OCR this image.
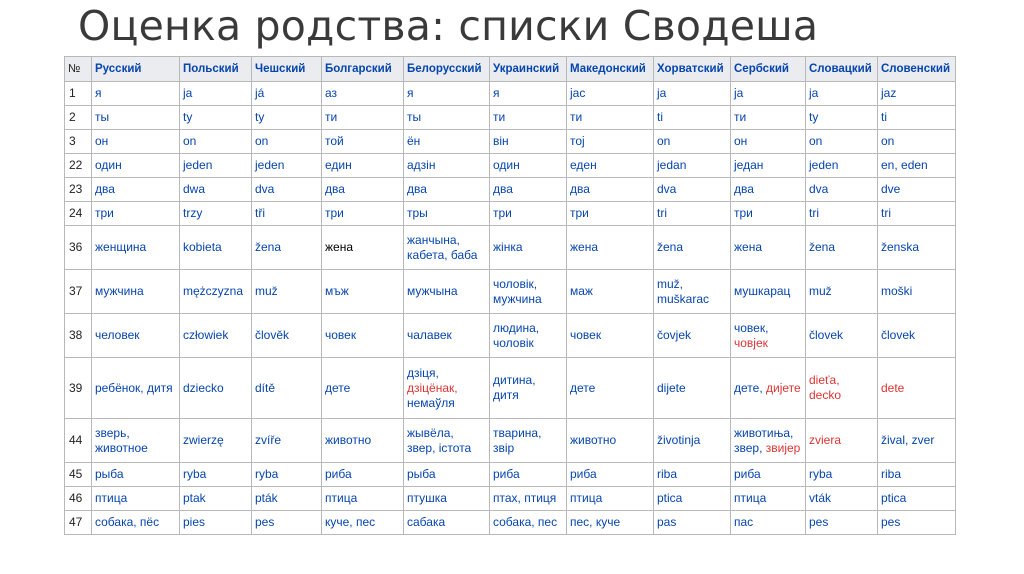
Оценка родства: списки Сводеша
№	Русский	Польский	Чешский	Болгарский	Белорусский	Украинский	Македонский	Хорватский	Сербский	Словацкий	Словенский
1	я	ja	já	аз	я	я	јас	ja	ја	ja	jaz

2	ты	ty	ty	ти	ты	ти	ти	ti	ти	ty	ti

3	он	on	on	той	ён	він	тој	on	он	on	on

22	один	jeden	jeden	един	адзін	один	еден	jedan	један	jeden	en, eden

23	два	dwa	dva	два	два	два	два	dva	два	dva	dve

24	три	trzy	tři	три	тры	три	три	tri	три	tri	tri

36	женщина	kobieta	žena	жена	жанчына,
кабета, баба	жінка	жена	žena	жена	žena	ženska

37	мужчина	mężczyzna	muž	мъж	мужчына	чоловік,
мужчина	маж	muž,
muškarac	мушкарац	muž	moški

38	человек	człowiek	člověk	човек	чалавек	людина,
чоловік	човек	čovjek	човек,
човјек	človek	človek

39	ребёнок, дитя	dziecko	dítě	дете	дзіця,
дзіцёнак,
немаўля	дитина,
дитя	дете	dijete	дете, дијете	dieťa,
decko	dete

44	зверь,
животное	zwierzę	zvíře	животно	жывёла,
звер, істота	тварина,
звір	животно	životinja	животиња,
звер, звијер	zviera	žival, zver

45	рыба	ryba	ryba	риба	рыба	риба	риба	riba	риба	ryba	riba

46	птица	ptak	pták	птица	птушка	птах, птиця	птица	ptica	птица	vták	ptica

47	собака, пёс	pies	pes	куче, пес	сабака	собака, пес	пес, куче	pas	пас	pes	pes
